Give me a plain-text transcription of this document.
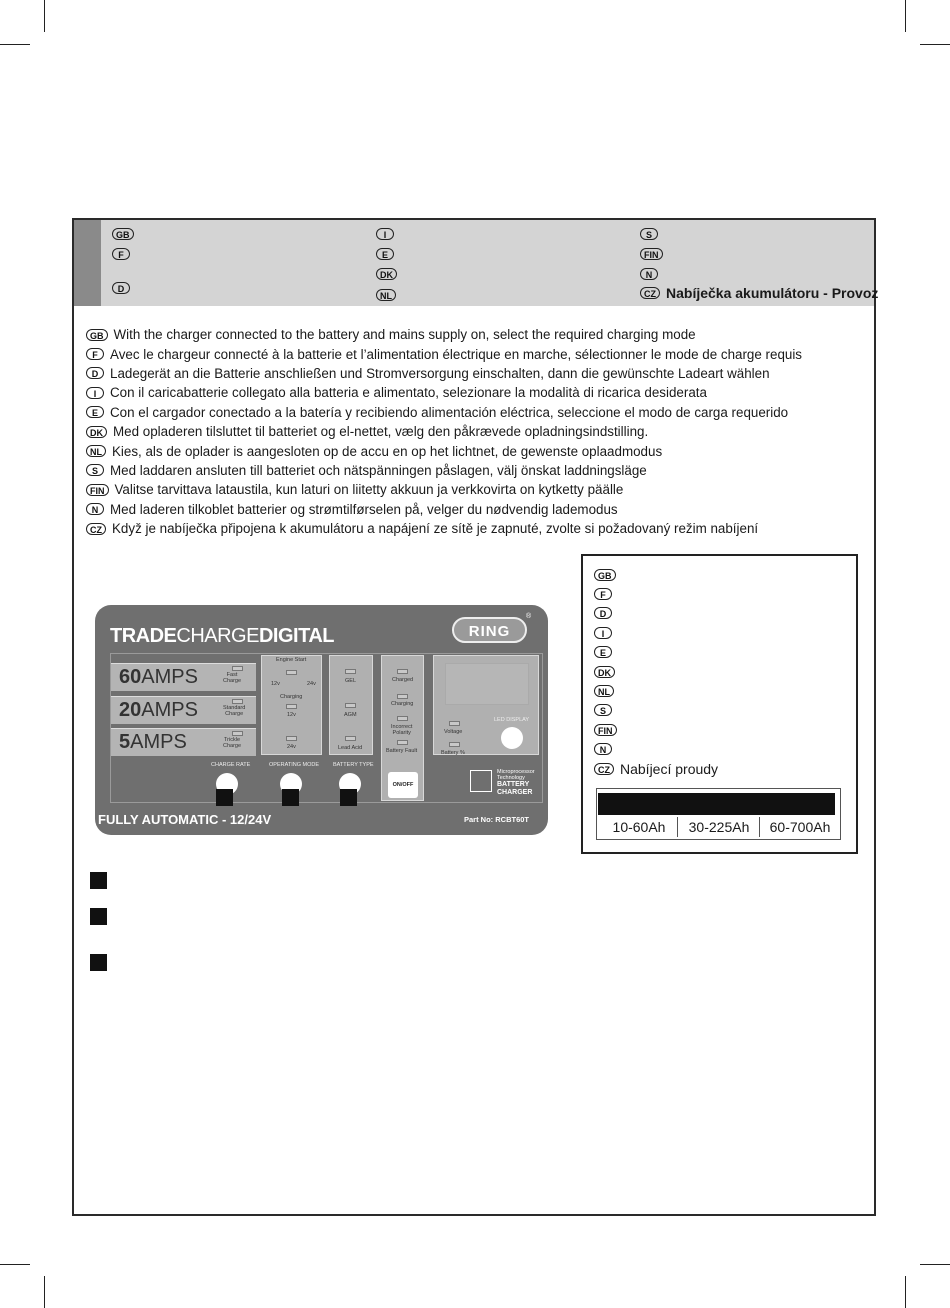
GB
F
D
I
E
DK
NL
S
FIN
N
CZ Nabíječka akumulátoru - Provoz
GB With the charger connected to the battery and mains supply on, select the required charging mode
F Avec le chargeur connecté à la batterie et l’alimentation électrique en marche, sélectionner le mode de charge requis
D Ladegerät an die Batterie anschließen und Stromversorgung einschalten, dann die gewünschte Ladeart wählen
I	Con il caricabatterie collegato alla batteria e alimentato, selezionare la modalità di ricarica desiderata
E Con el cargador conectado a la batería y recibiendo alimentación eléctrica, seleccione el modo de carga requerido
DK Med opladeren tilsluttet til batteriet og el-nettet, vælg den påkrævede opladningsindstilling.
NL Kies, als de oplader is aangesloten op de accu en op het lichtnet, de gewenste oplaadmodus
S Med laddaren ansluten till batteriet och nätspänningen påslagen, välj önskat laddningsläge
FIN Valitse tarvittava lataustila, kun laturi on liitetty akkuun ja verkkovirta on kytketty päälle
N Med laderen tilkoblet batterier og strømtilførselen på, velger du nødvendig lademodus
CZ Když je nabíječka připojena k akumulátoru a napájení ze sítě je zapnuté, zvolte si požadovaný režim nabíjení
GB
F
D
I
E
DK
NL
S
FIN
N
CZ Nabíjecí proudy
10-60Ah	30-225Ah	60-700Ah
TRADECHARGEDIGITAL	RING
®
60AMPS	Fast
Charge
20AMPS	Standard
Charge
5AMPS	Trickle
Charge
CHARGE RATE
Engine Start
12v	24v
Charging
12v
24v
OPERATING MODE
GEL
AGM
Lead Acid
BATTERY TYPE
Charged
Charging
Incorrect
Polarity
Battery Fault
ON/OFF
Voltage
Battery %
LED DISPLAY
Microprocessor
Technology
BATTERY
CHARGER
FULLY AUTOMATIC - 12/24V	Part No: RCBT60T
